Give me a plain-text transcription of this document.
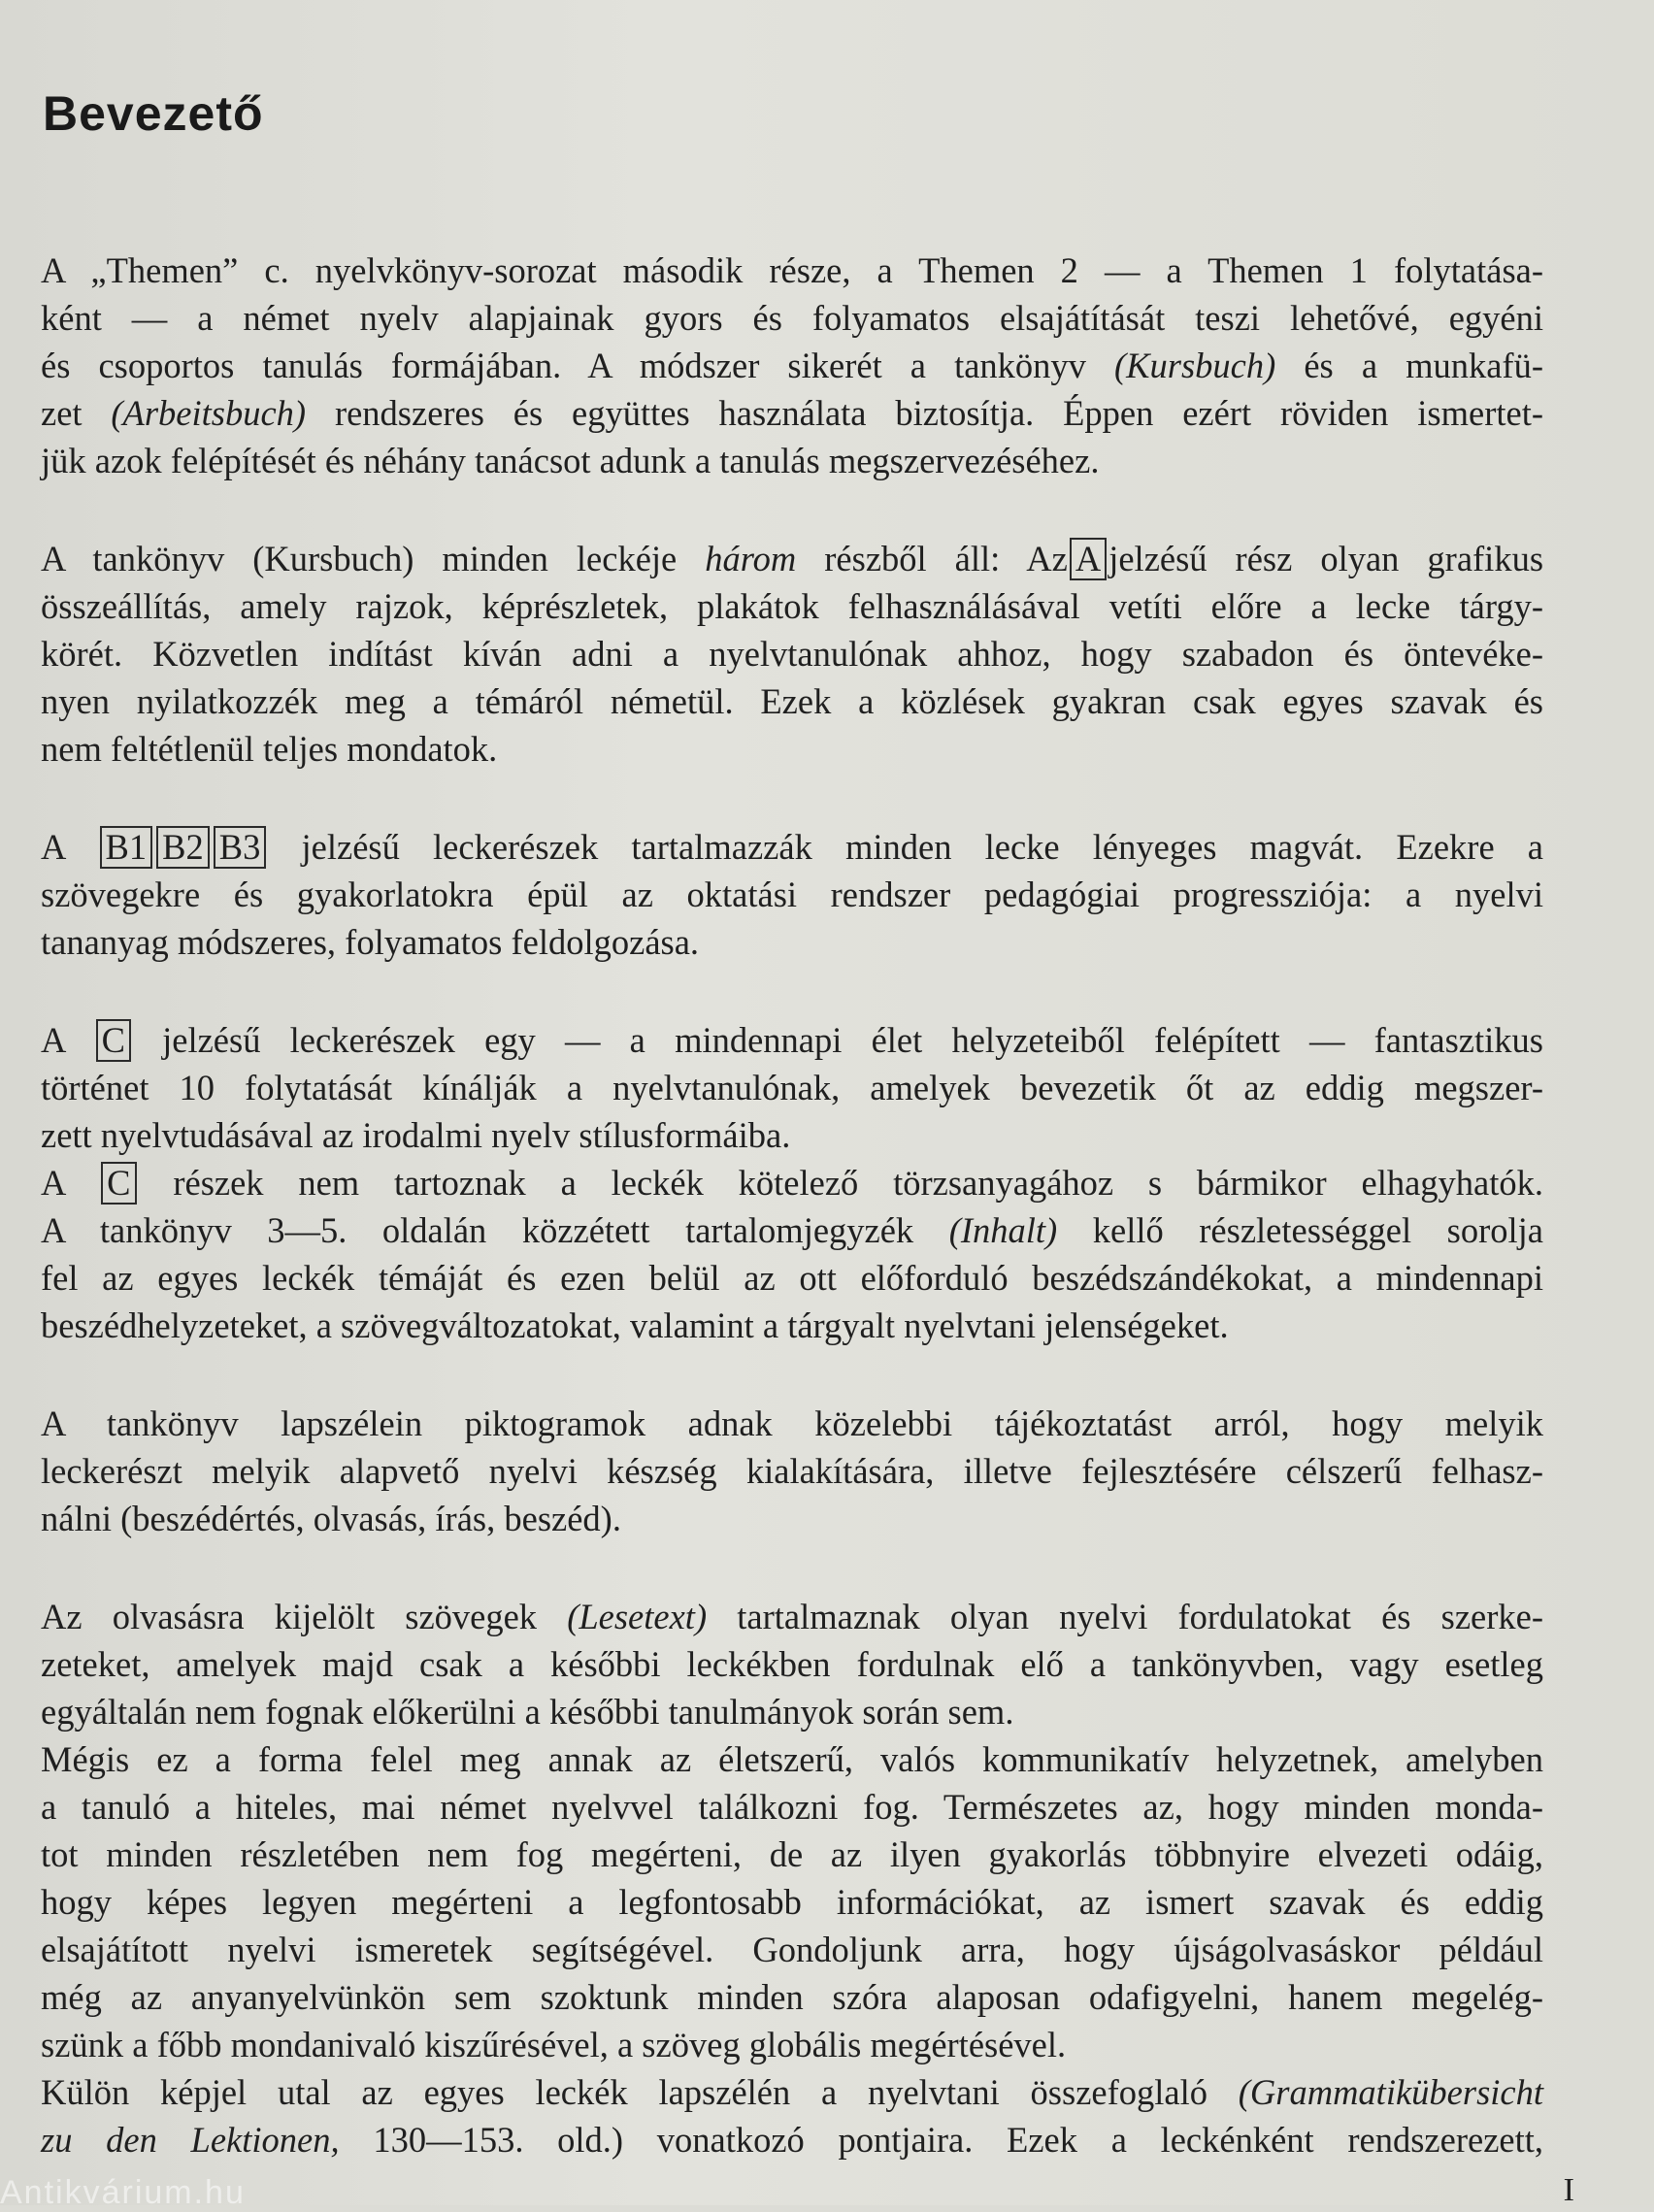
Bevezető

A „Themen” c. nyelvkönyv-sorozat második része, a Themen 2 — a Themen 1 folytatása-
ként — a német nyelv alapjainak gyors és folyamatos elsajátítását teszi lehetővé, egyéni
és csoportos tanulás formájában. A módszer sikerét a tankönyv (Kursbuch) és a munkafü-
zet (Arbeitsbuch) rendszeres és együttes használata biztosítja. Éppen ezért röviden ismertet-
jük azok felépítését és néhány tanácsot adunk a tanulás megszervezéséhez.

A tankönyv (Kursbuch) minden leckéje három részből áll: Az A jelzésű rész olyan grafikus
összeállítás, amely rajzok, képrészletek, plakátok felhasználásával vetíti előre a lecke tárgy-
körét. Közvetlen indítást kíván adni a nyelvtanulónak ahhoz, hogy szabadon és öntevéke-
nyen nyilatkozzék meg a témáról németül. Ezek a közlések gyakran csak egyes szavak és
nem feltétlenül teljes mondatok.

A B1 B2 B3 jelzésű leckerészek tartalmazzák minden lecke lényeges magvát. Ezekre a
szövegekre és gyakorlatokra épül az oktatási rendszer pedagógiai progressziója: a nyelvi
tananyag módszeres, folyamatos feldolgozása.

A C jelzésű leckerészek egy — a mindennapi élet helyzeteiből felépített — fantasztikus
történet 10 folytatását kínálják a nyelvtanulónak, amelyek bevezetik őt az eddig megszer-
zett nyelvtudásával az irodalmi nyelv stílusformáiba.

A C részek nem tartoznak a leckék kötelező törzsanyagához s bármikor elhagyhatók.
A tankönyv 3—5. oldalán közzétett tartalomjegyzék (Inhalt) kellő részletességgel sorolja
fel az egyes leckék témáját és ezen belül az ott előforduló beszédszándékokat, a mindennapi
beszédhelyzeteket, a szövegváltozatokat, valamint a tárgyalt nyelvtani jelenségeket.

A tankönyv lapszélein piktogramok adnak közelebbi tájékoztatást arról, hogy melyik
leckerészt melyik alapvető nyelvi készség kialakítására, illetve fejlesztésére célszerű felhasz-
nálni (beszédértés, olvasás, írás, beszéd).

Az olvasásra kijelölt szövegek (Lesetext) tartalmaznak olyan nyelvi fordulatokat és szerke-
zeteket, amelyek majd csak a későbbi leckékben fordulnak elő a tankönyvben, vagy esetleg
egyáltalán nem fognak előkerülni a későbbi tanulmányok során sem.

Mégis ez a forma felel meg annak az életszerű, valós kommunikatív helyzetnek, amelyben
a tanuló a hiteles, mai német nyelvvel találkozni fog. Természetes az, hogy minden monda-
tot minden részletében nem fog megérteni, de az ilyen gyakorlás többnyire elvezeti odáig,
hogy képes legyen megérteni a legfontosabb információkat, az ismert szavak és eddig
elsajátított nyelvi ismeretek segítségével. Gondoljunk arra, hogy újságolvasáskor például
még az anyanyelvünkön sem szoktunk minden szóra alaposan odafigyelni, hanem megelég-
szünk a főbb mondanivaló kiszűrésével, a szöveg globális megértésével.

Külön képjel utal az egyes leckék lapszélén a nyelvtani összefoglaló (Grammatikübersicht
zu den Lektionen, 130—153. old.) vonatkozó pontjaira. Ezek a leckénként rendszerezett,

Antikvárium.hu	I
